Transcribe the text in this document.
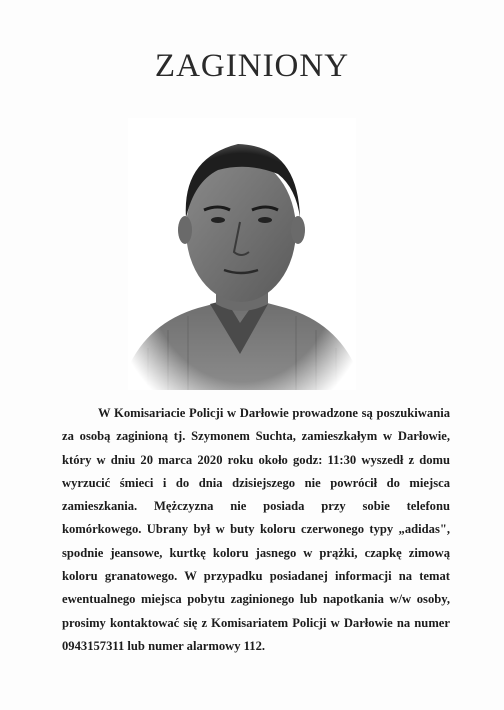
ZAGINIONY
W Komisariacie Policji w Darłowie prowadzone są poszukiwania
za osobą zaginioną tj. Szymonem Suchta, zamieszkałym w Darłowie,
który w dniu 20 marca 2020 roku około godz: 11:30 wyszedł z domu
wyrzucić śmieci i do dnia dzisiejszego nie powrócił do miejsca
zamieszkania. Mężczyzna nie posiada przy sobie telefonu
komórkowego. Ubrany był w buty koloru czerwonego typy „adidas",
spodnie jeansowe, kurtkę koloru jasnego w prążki, czapkę zimową
koloru granatowego. W przypadku posiadanej informacji na temat
ewentualnego miejsca pobytu zaginionego lub napotkania w/w osoby,
prosimy kontaktować się z Komisariatem Policji w Darłowie na numer
0943157311 lub numer alarmowy 112.
